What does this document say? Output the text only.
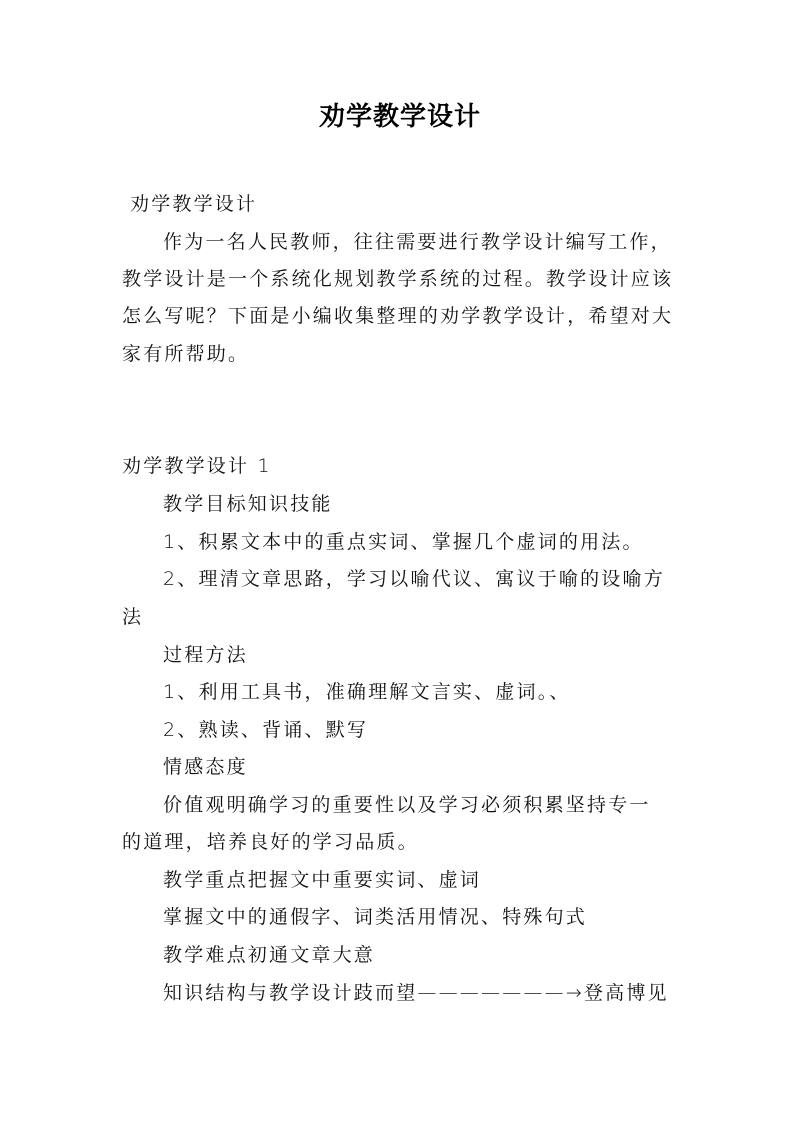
劝学教学设计
劝学教学设计
作为一名人民教师，往往需要进行教学设计编写工作，
教学设计是一个系统化规划教学系统的过程。教学设计应该
怎么写呢？下面是小编收集整理的劝学教学设计，希望对大
家有所帮助。
劝学教学设计 1
教学目标知识技能
1、积累文本中的重点实词、掌握几个虚词的用法。
2、理清文章思路，学习以喻代议、寓议于喻的设喻方
法
过程方法
1、利用工具书，准确理解文言实、虚词。、
2、熟读、背诵、默写
情感态度
价值观明确学习的重要性以及学习必须积累坚持专一
的道理，培养良好的学习品质。
教学重点把握文中重要实词、虚词
掌握文中的通假字、词类活用情况、特殊句式
教学难点初通文章大意
知识结构与教学设计跂而望———————→登高博见
